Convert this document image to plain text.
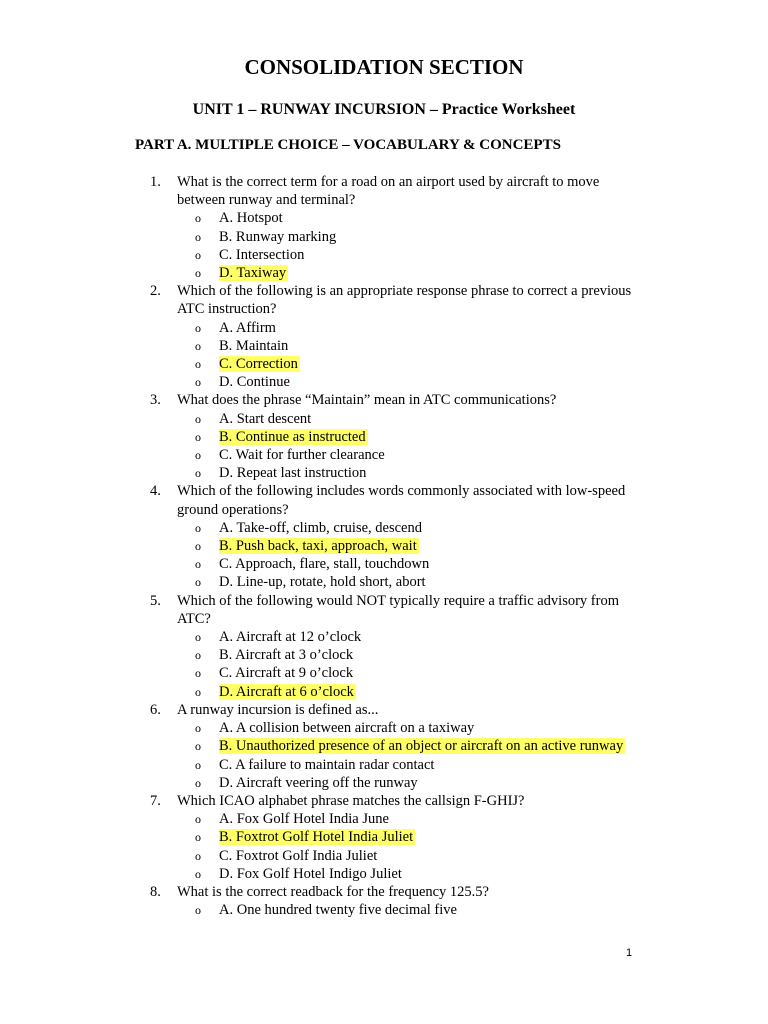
CONSOLIDATION SECTION
UNIT 1 – RUNWAY INCURSION – Practice Worksheet
PART A. MULTIPLE CHOICE – VOCABULARY & CONCEPTS
1.	What is the correct term for a road on an airport used by aircraft to move between runway and terminal?
o	A. Hotspot
o	B. Runway marking
o	C. Intersection
o	D. Taxiway
2.	Which of the following is an appropriate response phrase to correct a previous ATC instruction?
o	A. Affirm
o	B. Maintain
o	C. Correction
o	D. Continue
3.	What does the phrase “Maintain” mean in ATC communications?
o	A. Start descent
o	B. Continue as instructed
o	C. Wait for further clearance
o	D. Repeat last instruction
4.	Which of the following includes words commonly associated with low-speed ground operations?
o	A. Take-off, climb, cruise, descend
o	B. Push back, taxi, approach, wait
o	C. Approach, flare, stall, touchdown
o	D. Line-up, rotate, hold short, abort
5.	Which of the following would NOT typically require a traffic advisory from ATC?
o	A. Aircraft at 12 o’clock
o	B. Aircraft at 3 o’clock
o	C. Aircraft at 9 o’clock
o	D. Aircraft at 6 o’clock
6.	A runway incursion is defined as...
o	A. A collision between aircraft on a taxiway
o	B. Unauthorized presence of an object or aircraft on an active runway
o	C. A failure to maintain radar contact
o	D. Aircraft veering off the runway
7.	Which ICAO alphabet phrase matches the callsign F-GHIJ?
o	A. Fox Golf Hotel India June
o	B. Foxtrot Golf Hotel India Juliet
o	C. Foxtrot Golf India Juliet
o	D. Fox Golf Hotel Indigo Juliet
8.	What is the correct readback for the frequency 125.5?
o	A. One hundred twenty five decimal five
1
